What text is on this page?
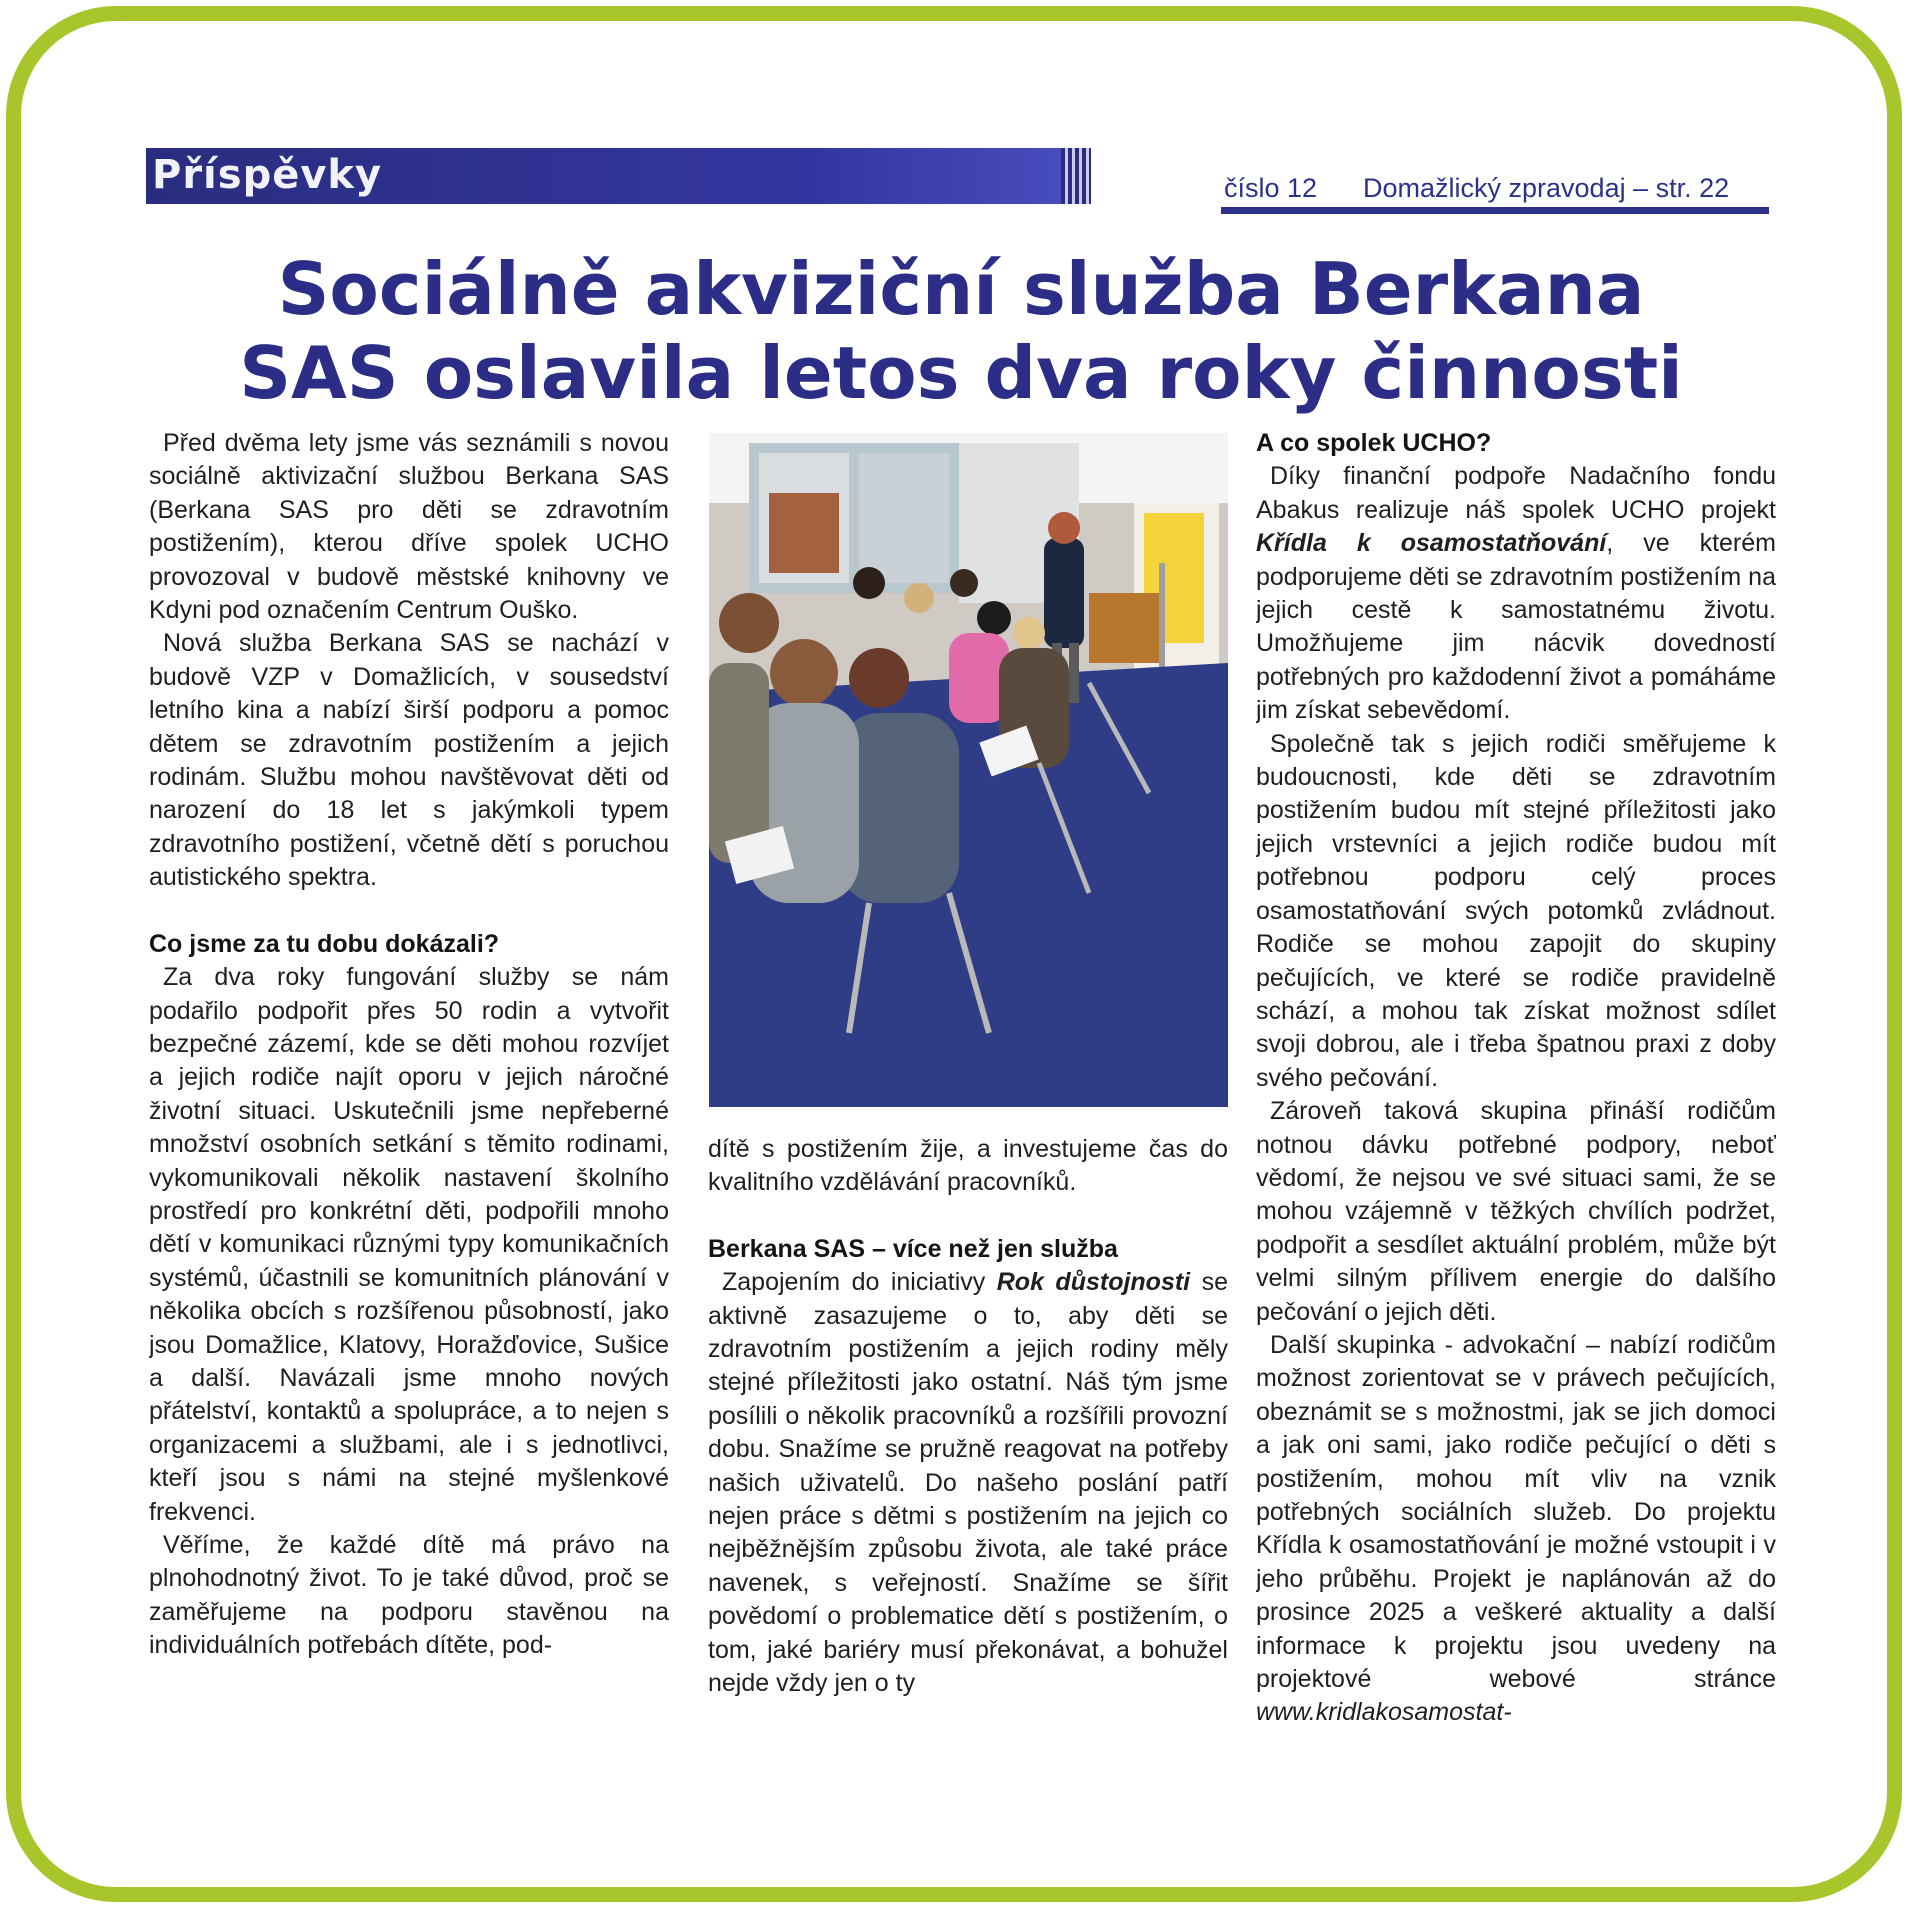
Příspěvky	číslo 12 Domažlický zpravodaj – str. 22
Sociálně akviziční služba Berkana
SAS oslavila letos dva roky činnosti

Před dvěma lety jsme vás seznámili s novou sociálně aktivizační službou Berkana SAS (Berkana SAS pro děti se zdravotním postižením), kterou dříve spolek UCHO provozoval v budově městské knihovny ve Kdyni pod označením Centrum Ouško.

Nová služba Berkana SAS se nachází v budově VZP v Domažlicích, v sousedství letního kina a nabízí širší podporu a pomoc dětem se zdravotním postižením a jejich rodinám. Službu mohou navštěvovat děti od narození do 18 let s jakýmkoli typem zdravotního postižení, včetně dětí s poruchou autistického spektra.

Co jsme za tu dobu dokázali?

Za dva roky fungování služby se nám podařilo podpořit přes 50 rodin a vytvořit bezpečné zázemí, kde se děti mohou rozvíjet a jejich rodiče najít oporu v jejich náročné životní situaci. Uskutečnili jsme nepřeberné množství osobních setkání s těmito rodinami, vykomunikovali několik nastavení školního prostředí pro konkrétní děti, podpořili mnoho dětí v komunikaci různými typy komunikačních systémů, účastnili se komunitních plánování v několika obcích s rozšířenou působností, jako jsou Domažlice, Klatovy, Horažďovice, Sušice a další. Navázali jsme mnoho nových přátelství, kontaktů a spolupráce, a to nejen s organizacemi a službami, ale i s jednotlivci, kteří jsou s námi na stejné myšlenkové frekvenci.

Věříme, že každé dítě má právo na plnohodnotný život. To je také důvod, proč se zaměřujeme na podporu stavěnou na individuálních potřebách dítěte, pod-

dítě s postižením žije, a investujeme čas do kvalitního vzdělávání pracovníků.

Berkana SAS – více než jen služba

Zapojením do iniciativy Rok důstojnosti se aktivně zasazujeme o to, aby děti se zdravotním postižením a jejich rodiny měly stejné příležitosti jako ostatní. Náš tým jsme posílili o několik pracovníků a rozšířili provozní dobu. Snažíme se pružně reagovat na potřeby našich uživatelů. Do našeho poslání patří nejen práce s dětmi s postižením na jejich co nejběžnějším způsobu života, ale také práce navenek, s veřejností. Snažíme se šířit povědomí o problematice dětí s postižením, o tom, jaké bariéry musí překonávat, a bohužel nejde vždy jen o ty

A co spolek UCHO?

Díky finanční podpoře Nadačního fondu Abakus realizuje náš spolek UCHO projekt Křídla k osamostatňování, ve kterém podporujeme děti se zdravotním postižením na jejich cestě k samostatnému životu. Umožňujeme jim nácvik dovedností potřebných pro každodenní život a pomáháme jim získat sebevědomí.

Společně tak s jejich rodiči směřujeme k budoucnosti, kde děti se zdravotním postižením budou mít stejné příležitosti jako jejich vrstevníci a jejich rodiče budou mít potřebnou podporu celý proces osamostatňování svých potomků zvládnout. Rodiče se mohou zapojit do skupiny pečujících, ve které se rodiče pravidelně schází, a mohou tak získat možnost sdílet svoji dobrou, ale i třeba špatnou praxi z doby svého pečování.

Zároveň taková skupina přináší rodičům notnou dávku potřebné podpory, neboť vědomí, že nejsou ve své situaci sami, že se mohou vzájemně v těžkých chvílích podržet, podpořit a sesdílet aktuální problém, může být velmi silným přílivem energie do dalšího pečování o jejich děti.

Další skupinka - advokační – nabízí rodičům možnost zorientovat se v právech pečujících, obeznámit se s možnostmi, jak se jich domoci a jak oni sami, jako rodiče pečující o děti s postižením, mohou mít vliv na vznik potřebných sociálních služeb. Do projektu Křídla k osamostatňování je možné vstoupit i v jeho průběhu. Projekt je naplánován až do prosince 2025 a veškeré aktuality a další informace k projektu jsou uvedeny na projektové webové stránce www.kridlakosamostat-
